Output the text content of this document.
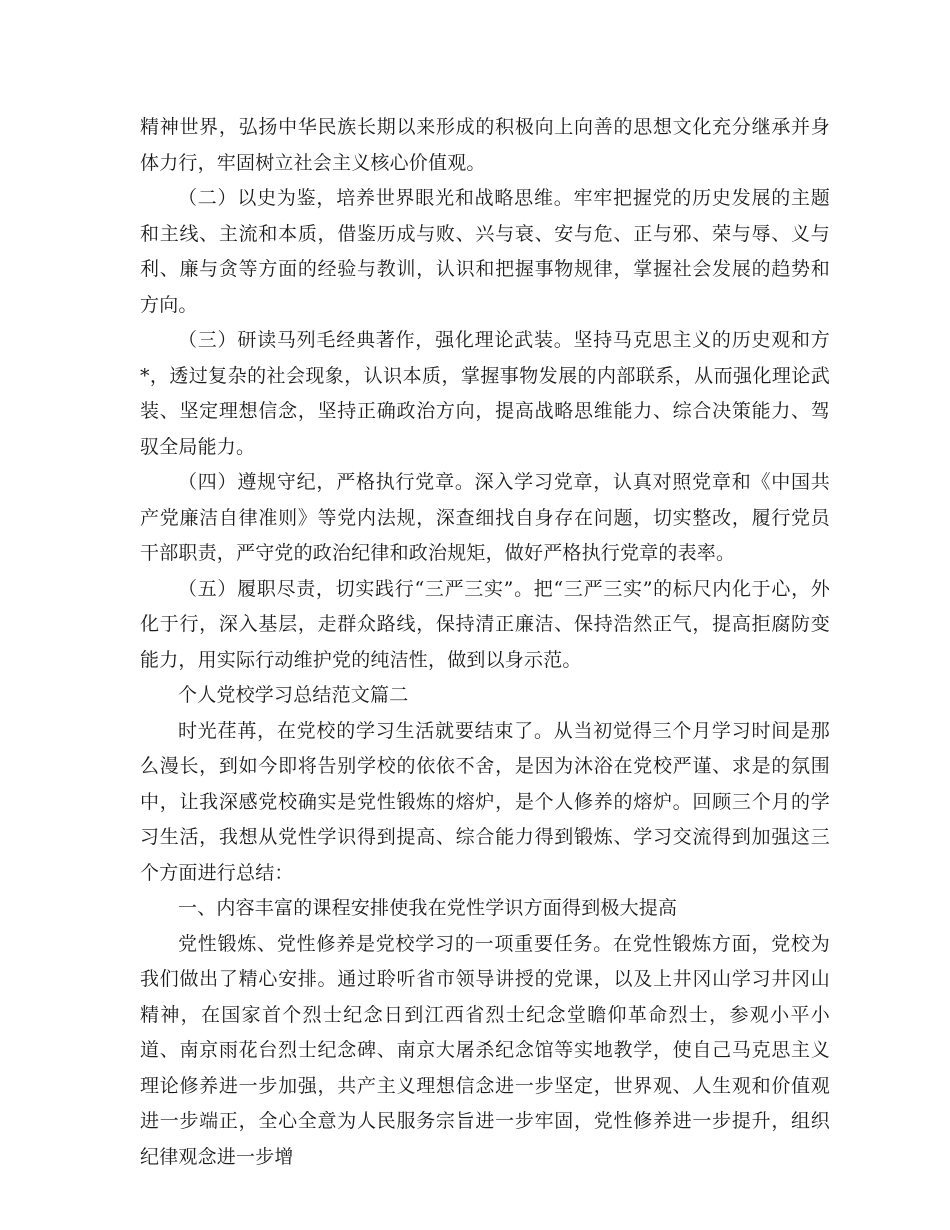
精神世界，弘扬中华民族长期以来形成的积极向上向善的思想文化充分继承并身体力行，牢固树立社会主义核心价值观。

（二）以史为鉴，培养世界眼光和战略思维。牢牢把握党的历史发展的主题和主线、主流和本质，借鉴历成与败、兴与衰、安与危、正与邪、荣与辱、义与利、廉与贪等方面的经验与教训，认识和把握事物规律，掌握社会发展的趋势和方向。

（三）研读马列毛经典著作，强化理论武装。坚持马克思主义的历史观和方*，透过复杂的社会现象，认识本质，掌握事物发展的内部联系，从而强化理论武装、坚定理想信念，坚持正确政治方向，提高战略思维能力、综合决策能力、驾驭全局能力。

（四）遵规守纪，严格执行党章。深入学习党章，认真对照党章和《中国共产党廉洁自律准则》等党内法规，深查细找自身存在问题，切实整改，履行党员干部职责，严守党的政治纪律和政治规矩，做好严格执行党章的表率。

（五）履职尽责，切实践行“三严三实”。把“三严三实”的标尺内化于心，外化于行，深入基层，走群众路线，保持清正廉洁、保持浩然正气，提高拒腐防变能力，用实际行动维护党的纯洁性，做到以身示范。

个人党校学习总结范文篇二

时光荏苒，在党校的学习生活就要结束了。从当初觉得三个月学习时间是那么漫长，到如今即将告别学校的依依不舍，是因为沐浴在党校严谨、求是的氛围中，让我深感党校确实是党性锻炼的熔炉，是个人修养的熔炉。回顾三个月的学习生活，我想从党性学识得到提高、综合能力得到锻炼、学习交流得到加强这三个方面进行总结：

一、内容丰富的课程安排使我在党性学识方面得到极大提高

党性锻炼、党性修养是党校学习的一项重要任务。在党性锻炼方面，党校为我们做出了精心安排。通过聆听省市领导讲授的党课，以及上井冈山学习井冈山精神，在国家首个烈士纪念日到江西省烈士纪念堂瞻仰革命烈士，参观小平小道、南京雨花台烈士纪念碑、南京大屠杀纪念馆等实地教学，使自己马克思主义理论修养进一步加强，共产主义理想信念进一步坚定，世界观、人生观和价值观进一步端正，全心全意为人民服务宗旨进一步牢固，党性修养进一步提升，组织纪律观念进一步增
